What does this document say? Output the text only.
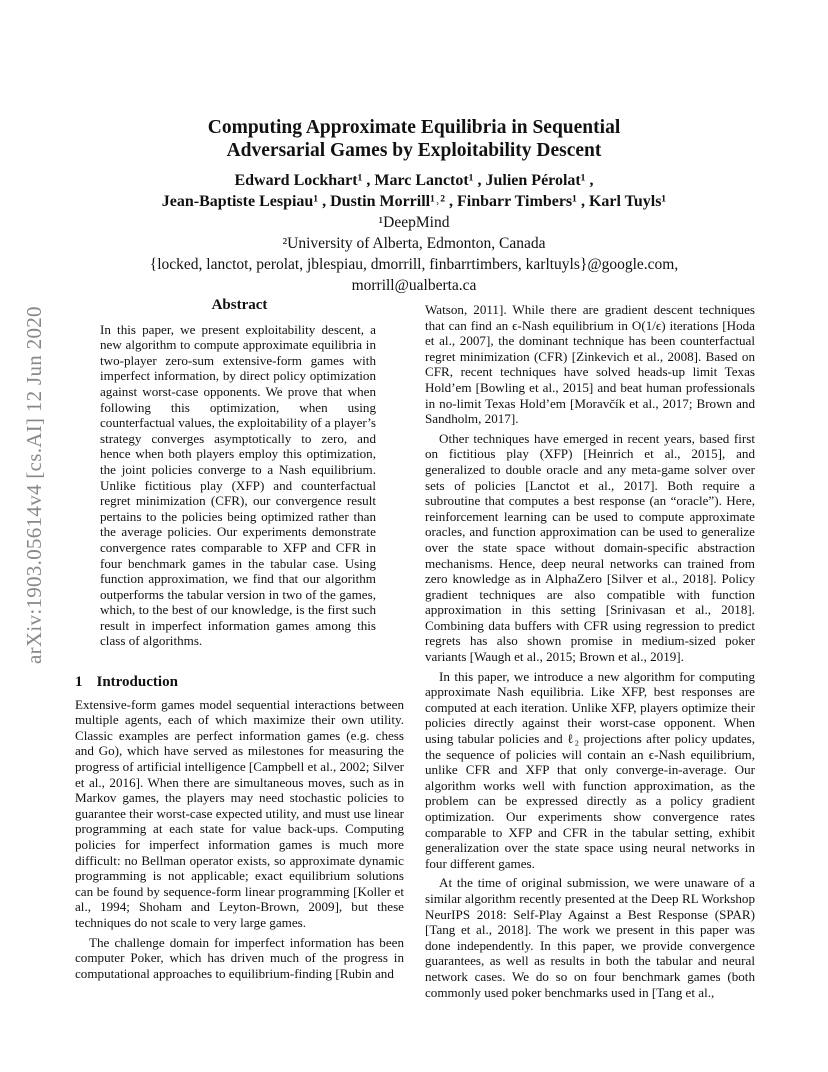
arXiv:1903.05614v4 [cs.AI] 12 Jun 2020
Computing Approximate Equilibria in Sequential
Adversarial Games by Exploitability Descent
Edward Lockhart¹ , Marc Lanctot¹ , Julien Pérolat¹ ,
Jean-Baptiste Lespiau¹ , Dustin Morrill¹˒² , Finbarr Timbers¹ , Karl Tuyls¹
¹DeepMind
²University of Alberta, Edmonton, Canada
{locked, lanctot, perolat, jblespiau, dmorrill, finbarrtimbers, karltuyls}@google.com,
morrill@ualberta.ca
Abstract

In this paper, we present exploitability descent, a new algorithm to compute approximate equilibria in two-player zero-sum extensive-form games with imperfect information, by direct policy optimization against worst-case opponents. We prove that when following this optimization, when using counterfactual values, the exploitability of a player’s strategy converges asymptotically to zero, and hence when both players employ this optimization, the joint policies converge to a Nash equilibrium. Unlike fictitious play (XFP) and counterfactual regret minimization (CFR), our convergence result pertains to the policies being optimized rather than the average policies. Our experiments demonstrate convergence rates comparable to XFP and CFR in four benchmark games in the tabular case. Using function approximation, we find that our algorithm outperforms the tabular version in two of the games, which, to the best of our knowledge, is the first such result in imperfect information games among this class of algorithms.

1 Introduction

Extensive-form games model sequential interactions between multiple agents, each of which maximize their own utility. Classic examples are perfect information games (e.g. chess and Go), which have served as milestones for measuring the progress of artificial intelligence [Campbell et al., 2002; Silver et al., 2016]. When there are simultaneous moves, such as in Markov games, the players may need stochastic policies to guarantee their worst-case expected utility, and must use linear programming at each state for value back-ups. Computing policies for imperfect information games is much more difficult: no Bellman operator exists, so approximate dynamic programming is not applicable; exact equilibrium solutions can be found by sequence-form linear programming [Koller et al., 1994; Shoham and Leyton-Brown, 2009], but these techniques do not scale to very large games.

The challenge domain for imperfect information has been computer Poker, which has driven much of the progress in computational approaches to equilibrium-finding [Rubin and

Watson, 2011]. While there are gradient descent techniques that can find an ϵ-Nash equilibrium in O(1/ϵ) iterations [Hoda et al., 2007], the dominant technique has been counterfactual regret minimization (CFR) [Zinkevich et al., 2008]. Based on CFR, recent techniques have solved heads-up limit Texas Hold’em [Bowling et al., 2015] and beat human professionals in no-limit Texas Hold’em [Moravčík et al., 2017; Brown and Sandholm, 2017].

Other techniques have emerged in recent years, based first on fictitious play (XFP) [Heinrich et al., 2015], and generalized to double oracle and any meta-game solver over sets of policies [Lanctot et al., 2017]. Both require a subroutine that computes a best response (an “oracle”). Here, reinforcement learning can be used to compute approximate oracles, and function approximation can be used to generalize over the state space without domain-specific abstraction mechanisms. Hence, deep neural networks can trained from zero knowledge as in AlphaZero [Silver et al., 2018]. Policy gradient techniques are also compatible with function approximation in this setting [Srinivasan et al., 2018]. Combining data buffers with CFR using regression to predict regrets has also shown promise in medium-sized poker variants [Waugh et al., 2015; Brown et al., 2019].

In this paper, we introduce a new algorithm for computing approximate Nash equilibria. Like XFP, best responses are computed at each iteration. Unlike XFP, players optimize their policies directly against their worst-case opponent. When using tabular policies and ℓ₂ projections after policy updates, the sequence of policies will contain an ϵ-Nash equilibrium, unlike CFR and XFP that only converge-in-average. Our algorithm works well with function approximation, as the problem can be expressed directly as a policy gradient optimization. Our experiments show convergence rates comparable to XFP and CFR in the tabular setting, exhibit generalization over the state space using neural networks in four different games.

At the time of original submission, we were unaware of a similar algorithm recently presented at the Deep RL Workshop NeurIPS 2018: Self-Play Against a Best Response (SPAR) [Tang et al., 2018]. The work we present in this paper was done independently. In this paper, we provide convergence guarantees, as well as results in both the tabular and neural network cases. We do so on four benchmark games (both commonly used poker benchmarks used in [Tang et al.,
